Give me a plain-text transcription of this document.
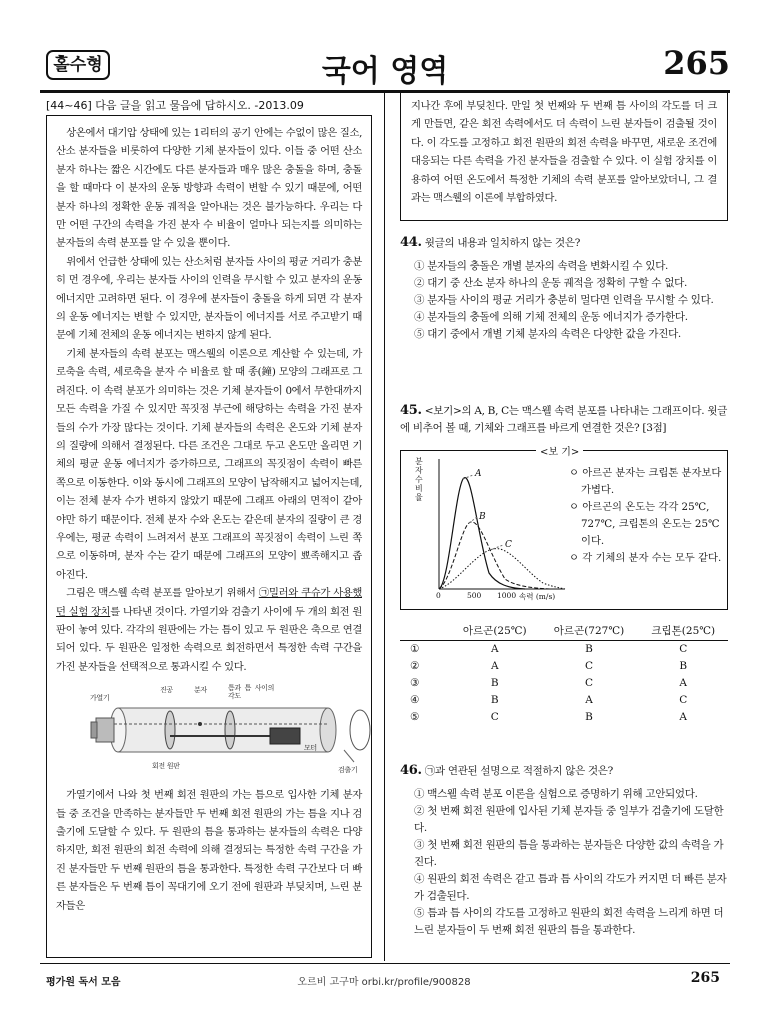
홀수형	국어 영역	265
[44~46] 다음 글을 읽고 물음에 답하시오. -2013.09

상온에서 대기압 상태에 있는 1리터의 공기 안에는 수없이 많은 질소, 산소 분자들을 비롯하여 다양한 기체 분자들이 있다. 이들 중 어떤 산소 분자 하나는 짧은 시간에도 다른 분자들과 매우 많은 충돌을 하며, 충돌을 할 때마다 이 분자의 운동 방향과 속력이 변할 수 있기 때문에, 어떤 분자 하나의 정확한 운동 궤적을 알아내는 것은 불가능하다. 우리는 다만 어떤 구간의 속력을 가진 분자 수 비율이 얼마나 되는지를 의미하는 분자들의 속력 분포를 알 수 있을 뿐이다.

위에서 언급한 상태에 있는 산소처럼 분자들 사이의 평균 거리가 충분히 먼 경우에, 우리는 분자들 사이의 인력을 무시할 수 있고 분자의 운동 에너지만 고려하면 된다. 이 경우에 분자들이 충돌을 하게 되면 각 분자의 운동 에너지는 변할 수 있지만, 분자들이 에너지를 서로 주고받기 때문에 기체 전체의 운동 에너지는 변하지 않게 된다.

기체 분자들의 속력 분포는 맥스웰의 이론으로 계산할 수 있는데, 가로축을 속력, 세로축을 분자 수 비율로 할 때 종(鐘) 모양의 그래프로 그려진다. 이 속력 분포가 의미하는 것은 기체 분자들이 0에서 무한대까지 모든 속력을 가질 수 있지만 꼭짓점 부근에 해당하는 속력을 가진 분자들의 수가 가장 많다는 것이다. 기체 분자들의 속력은 온도와 기체 분자의 질량에 의해서 결정된다. 다른 조건은 그대로 두고 온도만 올리면 기체의 평균 운동 에너지가 증가하므로, 그래프의 꼭짓점이 속력이 빠른 쪽으로 이동한다. 이와 동시에 그래프의 모양이 납작해지고 넓어지는데, 이는 전체 분자 수가 변하지 않았기 때문에 그래프 아래의 면적이 같아야만 하기 때문이다. 전체 분자 수와 온도는 같은데 분자의 질량이 큰 경우에는, 평균 속력이 느려져서 분포 그래프의 꼭짓점이 속력이 느린 쪽으로 이동하며, 분자 수는 같기 때문에 그래프의 모양이 뾰족해지고 좁아진다.

그림은 맥스웰 속력 분포를 알아보기 위해서 ㉠밀러와 쿠슈가 사용했던 실험 장치를 나타낸 것이다. 가열기와 검출기 사이에 두 개의 회전 원판이 놓여 있다. 각각의 원판에는 가는 틈이 있고 두 원판은 축으로 연결되어 있다. 두 원판은 일정한 속력으로 회전하면서 특정한 속력 구간을 가진 분자들을 선택적으로 통과시킬 수 있다.

가열기
진공	분자	틈과 틈 사이의 각도
모터
회전 원판	검출기

가열기에서 나와 첫 번째 회전 원판의 가는 틈으로 입사한 기체 분자들 중 조건을 만족하는 분자들만 두 번째 회전 원판의 가는 틈을 지나 검출기에 도달할 수 있다. 두 원판의 틈을 통과하는 분자들의 속력은 다양하지만, 회전 원판의 회전 속력에 의해 결정되는 특정한 속력 구간을 가진 분자들만 두 번째 원판의 틈을 통과한다. 특정한 속력 구간보다 더 빠른 분자들은 두 번째 틈이 꼭대기에 오기 전에 원판과 부딪치며, 느린 분자들은

지나간 후에 부딪친다. 만일 첫 번째와 두 번째 틈 사이의 각도를 더 크게 만들면, 같은 회전 속력에서도 더 속력이 느린 분자들이 검출될 것이다. 이 각도를 고정하고 회전 원판의 회전 속력을 바꾸면, 새로운 조건에 대응되는 다른 속력을 가진 분자들을 검출할 수 있다. 이 실험 장치를 이용하여 어떤 온도에서 특정한 기체의 속력 분포를 알아보았더니, 그 결과는 맥스웰의 이론에 부합하였다.
44. 윗글의 내용과 일치하지 않는 것은?
① 분자들의 충돌은 개별 분자의 속력을 변화시킬 수 있다.
② 대기 중 산소 분자 하나의 운동 궤적을 정확히 구할 수 없다.
③ 분자들 사이의 평균 거리가 충분히 멀다면 인력을 무시할 수 있다.
④ 분자들의 충돌에 의해 기체 전체의 운동 에너지가 증가한다.
⑤ 대기 중에서 개별 기체 분자의 속력은 다양한 값을 가진다.
45. <보기>의 A, B, C는 맥스웰 속력 분포를 나타내는 그래프이다. 윗글에 비추어 볼 때, 기체와 그래프를 바르게 연결한 것은? [3점]
<보 기>
분자 수 비율
A
B
C
0	500 1000 속력 (m/s)
ㅇ 아르곤 분자는 크립톤 분자보다 가볍다.
ㅇ 아르곤의 온도는 각각 25℃, 727℃, 크립톤의 온도는 25℃이다.
ㅇ 각 기체의 분자 수는 모두 같다.
	아르곤(25℃)	아르곤(727℃)	크립톤(25℃)
①	A	B	C
②	A	C	B
③	B	C	A
④	B	A	C
⑤	C	B	A
46. ㉠과 연관된 설명으로 적절하지 않은 것은?
① 맥스웰 속력 분포 이론을 실험으로 증명하기 위해 고안되었다.
② 첫 번째 회전 원판에 입사된 기체 분자들 중 일부가 검출기에 도달한다.
③ 첫 번째 회전 원판의 틈을 통과하는 분자들은 다양한 값의 속력을 가진다.
④ 원판의 회전 속력은 같고 틈과 틈 사이의 각도가 커지면 더 빠른 분자가 검출된다.
⑤ 틈과 틈 사이의 각도를 고정하고 원판의 회전 속력을 느리게 하면 더 느린 분자들이 두 번째 회전 원판의 틈을 통과한다.
평가원 독서 모음	오르비 고구마 orbi.kr/profile/900828	265
